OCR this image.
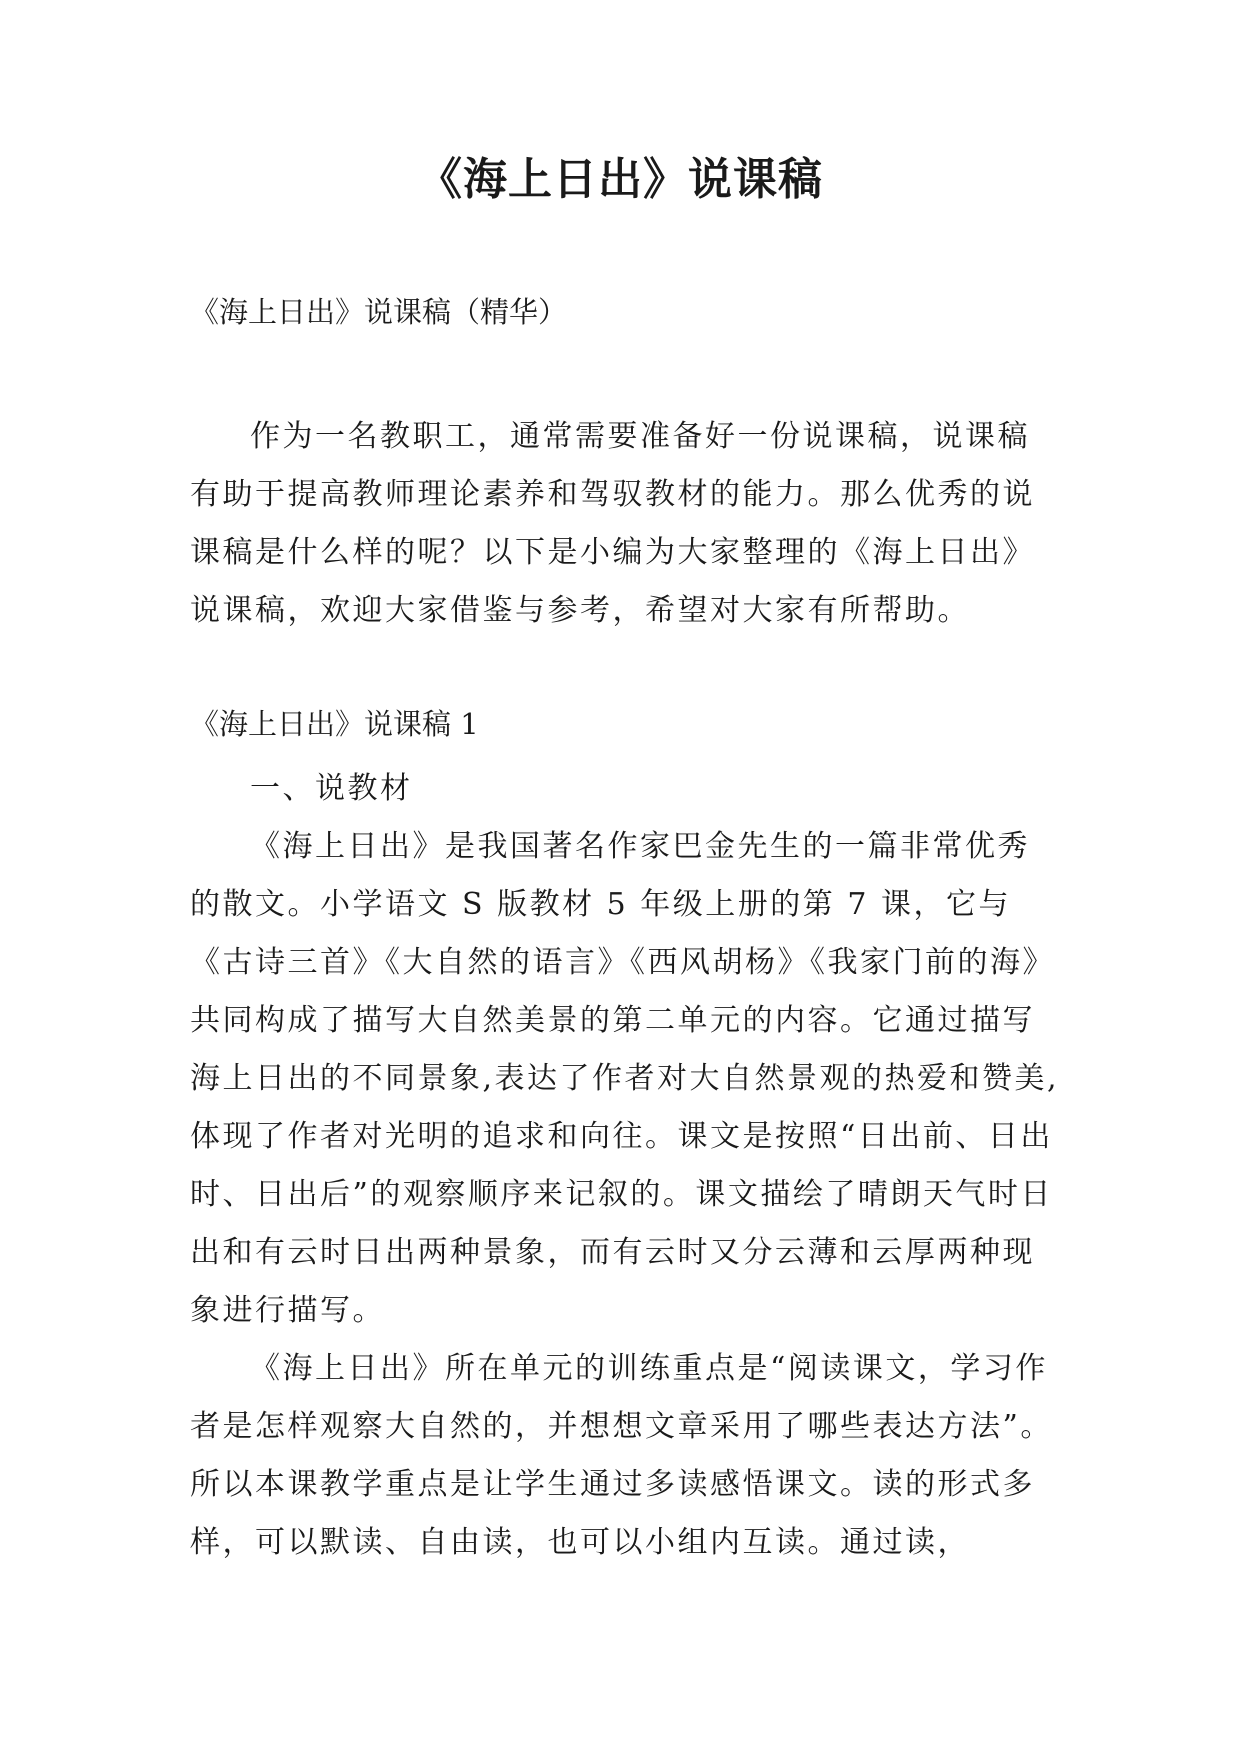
《海上日出》说课稿

《海上日出》说课稿（精华）

作为一名教职工，通常需要准备好一份说课稿，说课稿有助于提高教师理论素养和驾驭教材的能力。那么优秀的说课稿是什么样的呢？以下是小编为大家整理的《海上日出》说课稿，欢迎大家借鉴与参考，希望对大家有所帮助。

《海上日出》说课稿 1

一、说教材

《海上日出》是我国著名作家巴金先生的一篇非常优秀的散文。小学语文 S 版教材 5 年级上册的第 7 课，它与《古诗三首》《大自然的语言》《西风胡杨》《我家门前的海》共同构成了描写大自然美景的第二单元的内容。它通过描写海上日出的不同景象,表达了作者对大自然景观的热爱和赞美,体现了作者对光明的追求和向往。课文是按照“日出前、日出时、日出后”的观察顺序来记叙的。课文描绘了晴朗天气时日出和有云时日出两种景象，而有云时又分云薄和云厚两种现象进行描写。

《海上日出》所在单元的训练重点是“阅读课文，学习作者是怎样观察大自然的，并想想文章采用了哪些表达方法”。所以本课教学重点是让学生通过多读感悟课文。读的形式多样，可以默读、自由读，也可以小组内互读。通过读，
